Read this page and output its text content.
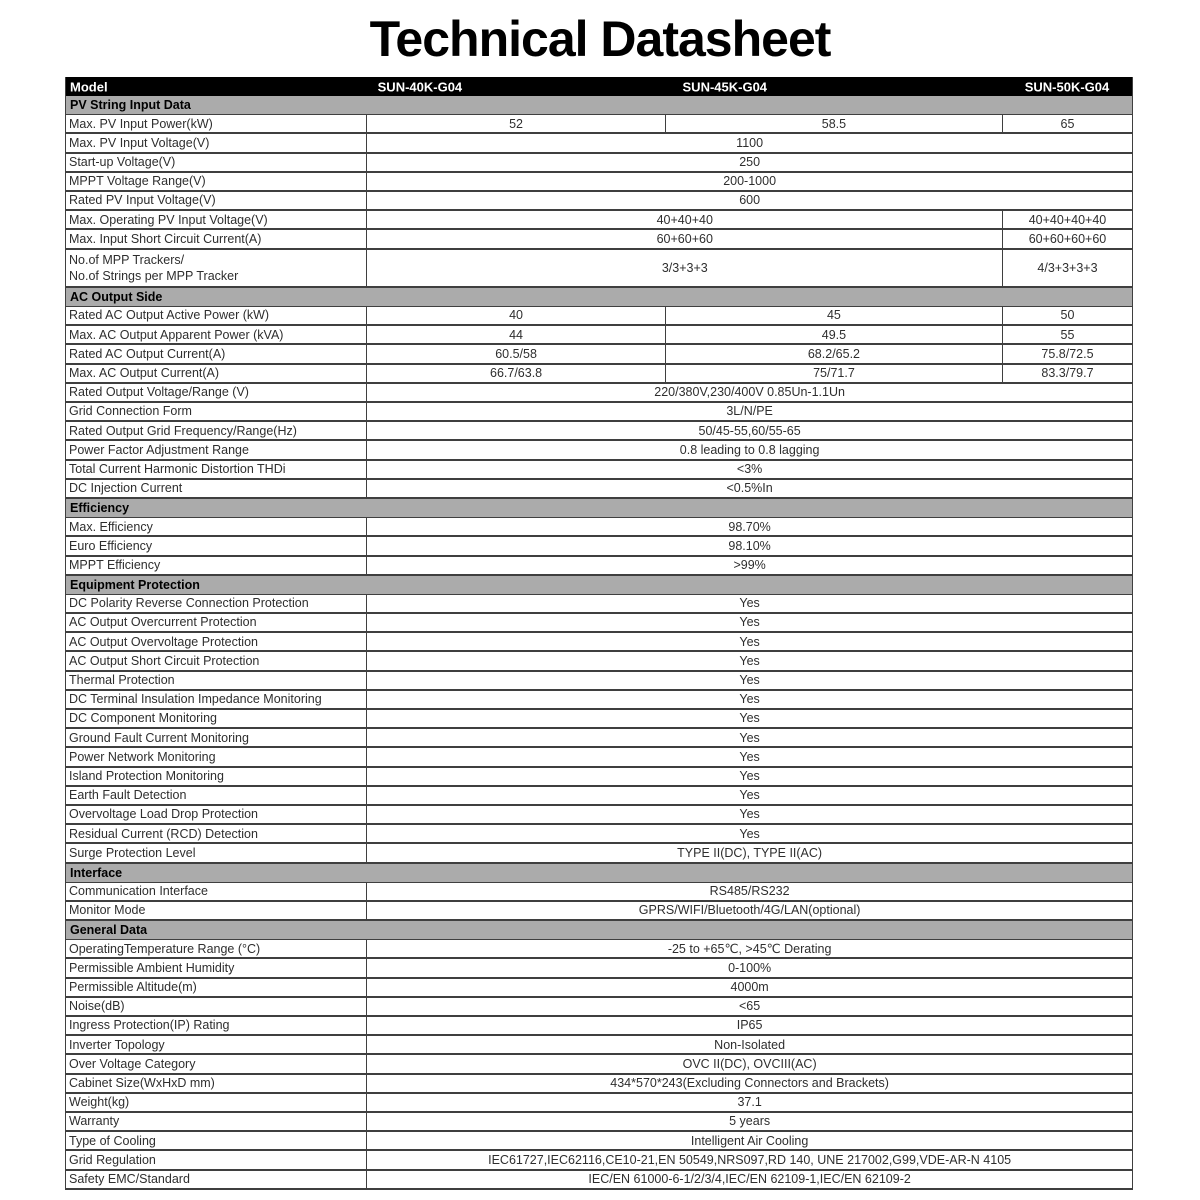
Technical Datasheet
Model	SUN-40K-G04	SUN-45K-G04	SUN-50K-G04
PV String Input Data
Max. PV Input Power(kW)	52	58.5	65
Max. PV Input Voltage(V)	1100
Start-up Voltage(V)	250
MPPT Voltage Range(V)	200-1000
Rated PV Input Voltage(V)	600
Max. Operating PV Input Voltage(V)	40+40+40	40+40+40+40
Max. Input Short Circuit Current(A)	60+60+60	60+60+60+60
No.of MPP Trackers/
No.of Strings per MPP Tracker
3/3+3+3	4/3+3+3+3
AC Output Side
Rated AC Output Active Power (kW)	40	45	50
Max. AC Output Apparent Power (kVA)	44	49.5	55
Rated AC Output Current(A)	60.5/58	68.2/65.2	75.8/72.5
Max. AC Output Current(A)	66.7/63.8	75/71.7	83.3/79.7
Rated Output Voltage/Range (V)	220/380V,230/400V 0.85Un-1.1Un
Grid Connection Form	3L/N/PE
Rated Output Grid Frequency/Range(Hz)	50/45-55,60/55-65
Power Factor Adjustment Range	0.8 leading to 0.8 lagging
Total Current Harmonic Distortion THDi	<3%
DC Injection Current	<0.5%In
Efficiency
Max. Efficiency	98.70%
Euro Efficiency	98.10%
MPPT Efficiency	>99%
Equipment Protection
DC Polarity Reverse Connection Protection	Yes
AC Output Overcurrent Protection	Yes
AC Output Overvoltage Protection	Yes
AC Output Short Circuit Protection	Yes
Thermal Protection	Yes
DC Terminal Insulation Impedance Monitoring	Yes
DC Component Monitoring	Yes
Ground Fault Current Monitoring	Yes
Power Network Monitoring	Yes
Island Protection Monitoring	Yes
Earth Fault Detection	Yes
Overvoltage Load Drop Protection	Yes
Residual Current (RCD) Detection	Yes
Surge Protection Level	TYPE II(DC), TYPE II(AC)
Interface
Communication Interface	RS485/RS232
Monitor Mode	GPRS/WIFI/Bluetooth/4G/LAN(optional)
General Data
OperatingTemperature Range (°C)	-25 to +65℃, >45℃ Derating
Permissible Ambient Humidity	0-100%
Permissible Altitude(m)	4000m
Noise(dB)	<65
Ingress Protection(IP) Rating	IP65
Inverter Topology	Non-Isolated
Over Voltage Category	OVC II(DC), OVCIII(AC)
Cabinet Size(WxHxD mm)	434*570*243(Excluding Connectors and Brackets)
Weight(kg)	37.1
Warranty	5 years
Type of Cooling	Intelligent Air Cooling
Grid Regulation	IEC61727,IEC62116,CE10-21,EN 50549,NRS097,RD 140, UNE 217002,G99,VDE-AR-N 4105
Safety EMC/Standard	IEC/EN 61000-6-1/2/3/4,IEC/EN 62109-1,IEC/EN 62109-2
